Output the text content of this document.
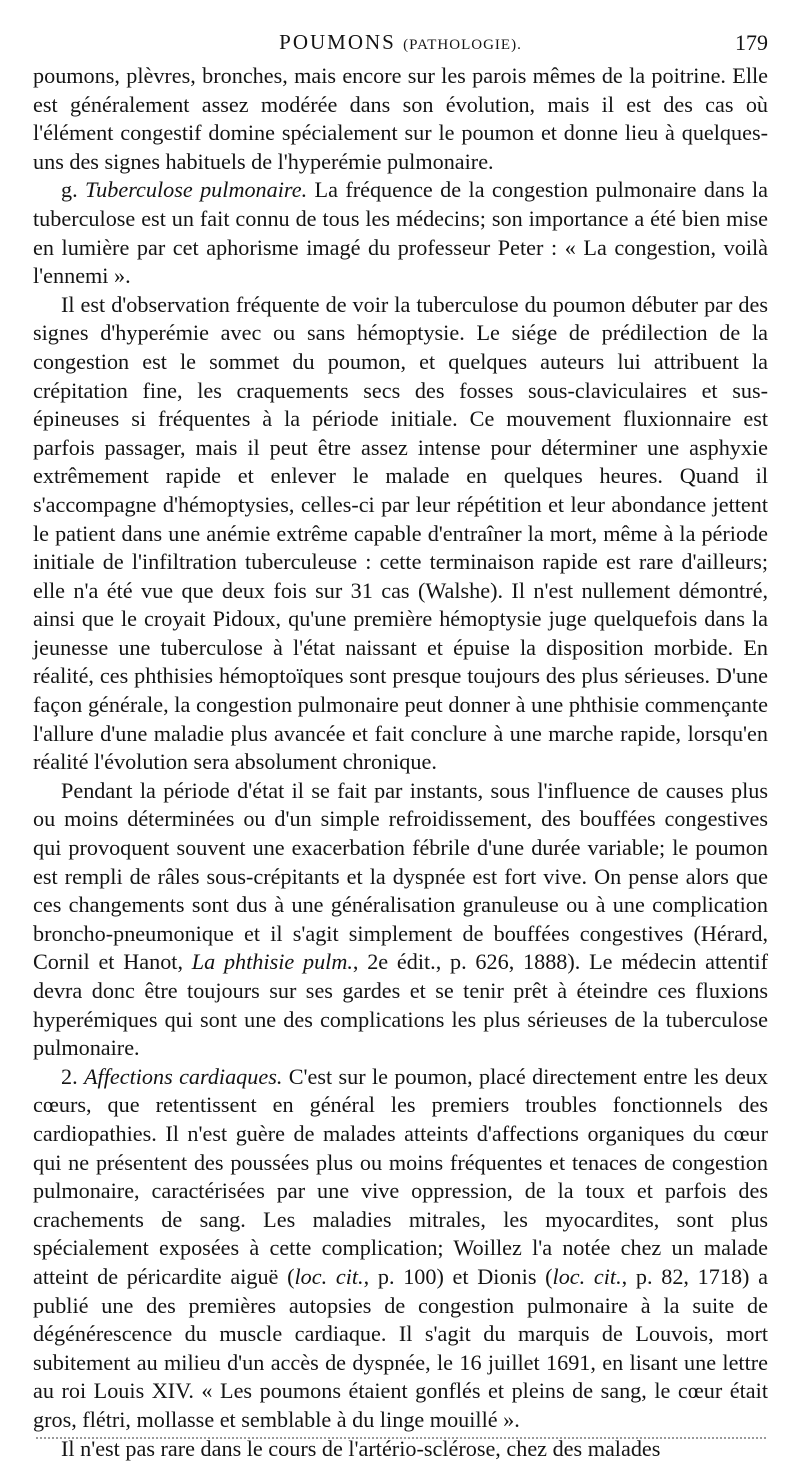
POUMONS (PATHOLOGIE).	179

poumons, plèvres, bronches, mais encore sur les parois mêmes de la poitrine. Elle est généralement assez modérée dans son évolution, mais il est des cas où l'élément congestif domine spécialement sur le poumon et donne lieu à quelques-uns des signes habituels de l'hyperémie pulmonaire.

g. Tuberculose pulmonaire. La fréquence de la congestion pulmonaire dans la tuberculose est un fait connu de tous les médecins; son importance a été bien mise en lumière par cet aphorisme imagé du professeur Peter : « La congestion, voilà l'ennemi ».

Il est d'observation fréquente de voir la tuberculose du poumon débuter par des signes d'hyperémie avec ou sans hémoptysie. Le siége de prédilection de la congestion est le sommet du poumon, et quelques auteurs lui attribuent la crépitation fine, les craquements secs des fosses sous-claviculaires et sus-épineuses si fréquentes à la période initiale. Ce mouvement fluxionnaire est parfois passager, mais il peut être assez intense pour déterminer une asphyxie extrêmement rapide et enlever le malade en quelques heures. Quand il s'accompagne d'hémoptysies, celles-ci par leur répétition et leur abondance jettent le patient dans une anémie extrême capable d'entraîner la mort, même à la période initiale de l'infiltration tuberculeuse : cette terminaison rapide est rare d'ailleurs; elle n'a été vue que deux fois sur 31 cas (Walshe). Il n'est nullement démontré, ainsi que le croyait Pidoux, qu'une première hémoptysie juge quelquefois dans la jeunesse une tuberculose à l'état naissant et épuise la disposition morbide. En réalité, ces phthisies hémoptoïques sont presque toujours des plus sérieuses. D'une façon générale, la congestion pulmonaire peut donner à une phthisie commençante l'allure d'une maladie plus avancée et fait conclure à une marche rapide, lorsqu'en réalité l'évolution sera absolument chronique.

Pendant la période d'état il se fait par instants, sous l'influence de causes plus ou moins déterminées ou d'un simple refroidissement, des bouffées congestives qui provoquent souvent une exacerbation fébrile d'une durée variable; le poumon est rempli de râles sous-crépitants et la dyspnée est fort vive. On pense alors que ces changements sont dus à une généralisation granuleuse ou à une complication broncho-pneumonique et il s'agit simplement de bouffées congestives (Hérard, Cornil et Hanot, La phthisie pulm., 2e édit., p. 626, 1888). Le médecin attentif devra donc être toujours sur ses gardes et se tenir prêt à éteindre ces fluxions hyperémiques qui sont une des complications les plus sérieuses de la tuberculose pulmonaire.

2. Affections cardiaques. C'est sur le poumon, placé directement entre les deux cœurs, que retentissent en général les premiers troubles fonctionnels des cardiopathies. Il n'est guère de malades atteints d'affections organiques du cœur qui ne présentent des poussées plus ou moins fréquentes et tenaces de congestion pulmonaire, caractérisées par une vive oppression, de la toux et parfois des crachements de sang. Les maladies mitrales, les myocardites, sont plus spécialement exposées à cette complication; Woillez l'a notée chez un malade atteint de péricardite aiguë (loc. cit., p. 100) et Dionis (loc. cit., p. 82, 1718) a publié une des premières autopsies de congestion pulmonaire à la suite de dégénérescence du muscle cardiaque. Il s'agit du marquis de Louvois, mort subitement au milieu d'un accès de dyspnée, le 16 juillet 1691, en lisant une lettre au roi Louis XIV. « Les poumons étaient gonflés et pleins de sang, le cœur était gros, flétri, mollasse et semblable à du linge mouillé ».

Il n'est pas rare dans le cours de l'artério-sclérose, chez des malades
